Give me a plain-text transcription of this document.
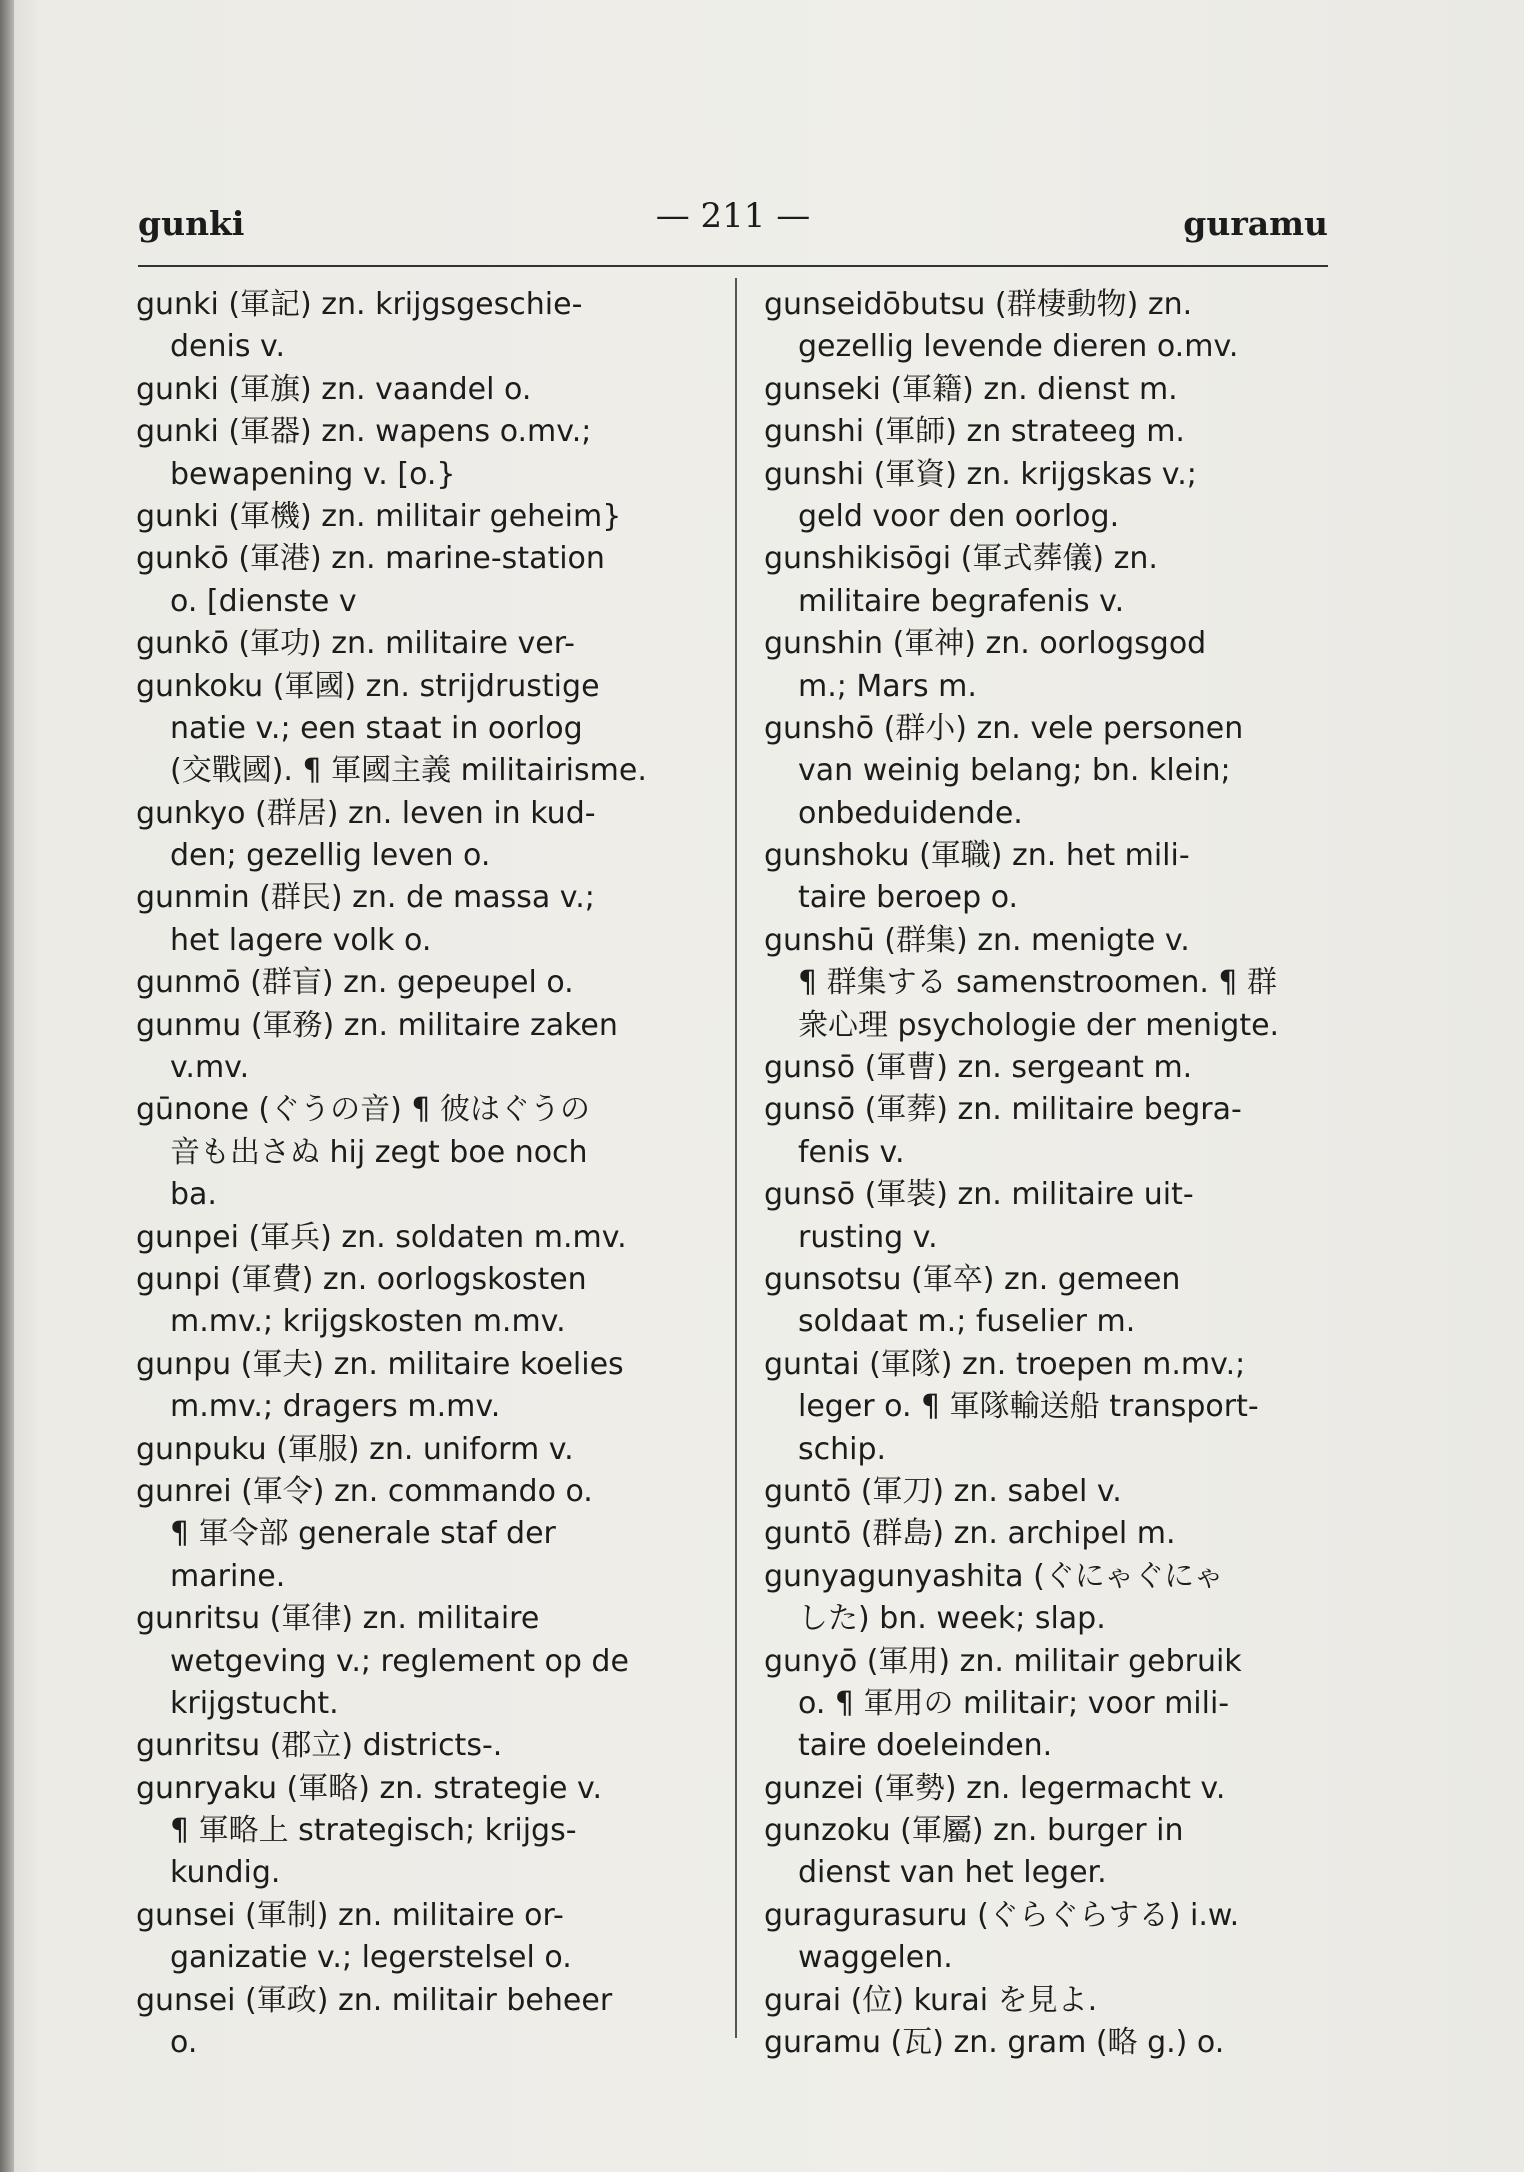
gunki	— 211 —	guramu
gunki (軍記) zn. krijgsgeschie-
denis v.
gunki (軍旗) zn. vaandel o.
gunki (軍器) zn. wapens o.mv.;
bewapening v. [o.}
gunki (軍機) zn. militair geheim}
gunkō (軍港) zn. marine-station
o. [dienste v
gunkō (軍功) zn. militaire ver-
gunkoku (軍國) zn. strijdrustige
natie v.; een staat in oorlog
(交戰國). ¶ 軍國主義 militairisme.
gunkyo (群居) zn. leven in kud-
den; gezellig leven o.
gunmin (群民) zn. de massa v.;
het lagere volk o.
gunmō (群盲) zn. gepeupel o.
gunmu (軍務) zn. militaire zaken
v.mv.
gūnone (ぐうの音) ¶ 彼はぐうの
音も出さぬ hij zegt boe noch
ba.
gunpei (軍兵) zn. soldaten m.mv.
gunpi (軍費) zn. oorlogskosten
m.mv.; krijgskosten m.mv.
gunpu (軍夫) zn. militaire koelies
m.mv.; dragers m.mv.
gunpuku (軍服) zn. uniform v.
gunrei (軍令) zn. commando o.
¶ 軍令部 generale staf der
marine.
gunritsu (軍律) zn. militaire
wetgeving v.; reglement op de
krijgstucht.
gunritsu (郡立) districts-.
gunryaku (軍略) zn. strategie v.
¶ 軍略上 strategisch; krijgs-
kundig.
gunsei (軍制) zn. militaire or-
ganizatie v.; legerstelsel o.
gunsei (軍政) zn. militair beheer
o.
gunseidōbutsu (群棲動物) zn.
gezellig levende dieren o.mv.
gunseki (軍籍) zn. dienst m.
gunshi (軍師) zn strateeg m.
gunshi (軍資) zn. krijgskas v.;
geld voor den oorlog.
gunshikisōgi (軍式葬儀) zn.
militaire begrafenis v.
gunshin (軍神) zn. oorlogsgod
m.; Mars m.
gunshō (群小) zn. vele personen
van weinig belang; bn. klein;
onbeduidende.
gunshoku (軍職) zn. het mili-
taire beroep o.
gunshū (群集) zn. menigte v.
¶ 群集する samenstroomen. ¶ 群
衆心理 psychologie der menigte.
gunsō (軍曹) zn. sergeant m.
gunsō (軍葬) zn. militaire begra-
fenis v.
gunsō (軍裝) zn. militaire uit-
rusting v.
gunsotsu (軍卒) zn. gemeen
soldaat m.; fuselier m.
guntai (軍隊) zn. troepen m.mv.;
leger o. ¶ 軍隊輸送船 transport-
schip.
guntō (軍刀) zn. sabel v.
guntō (群島) zn. archipel m.
gunyagunyashita (ぐにゃぐにゃ
した) bn. week; slap.
gunyō (軍用) zn. militair gebruik
o. ¶ 軍用の militair; voor mili-
taire doeleinden.
gunzei (軍勢) zn. legermacht v.
gunzoku (軍屬) zn. burger in
dienst van het leger.
guragurasuru (ぐらぐらする) i.w.
waggelen.
gurai (位) kurai を見よ.
guramu (瓦) zn. gram (略 g.) o.
